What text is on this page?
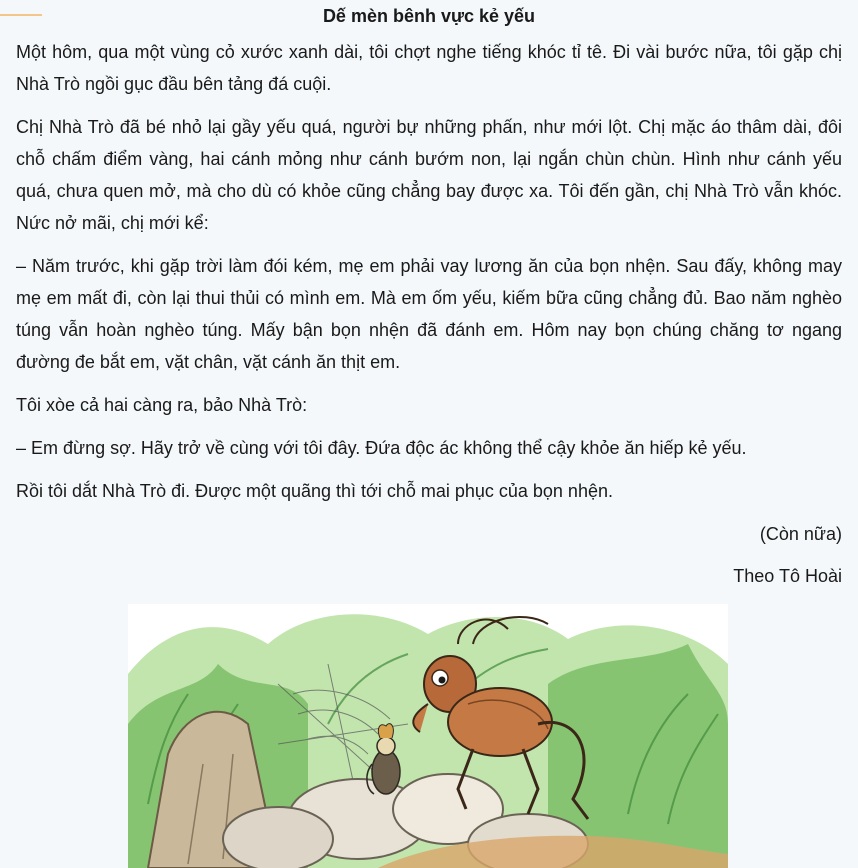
Dế mèn bênh vực kẻ yếu

Một hôm, qua một vùng cỏ xước xanh dài, tôi chợt nghe tiếng khóc tỉ tê. Đi vài bước nữa, tôi gặp chị Nhà Trò ngồi gục đầu bên tảng đá cuội.

Chị Nhà Trò đã bé nhỏ lại gầy yếu quá, người bự những phấn, như mới lột. Chị mặc áo thâm dài, đôi chỗ chấm điểm vàng, hai cánh mỏng như cánh bướm non, lại ngắn chùn chùn. Hình như cánh yếu quá, chưa quen mở, mà cho dù có khỏe cũng chẳng bay được xa. Tôi đến gần, chị Nhà Trò vẫn khóc. Nức nở mãi, chị mới kể:

– Năm trước, khi gặp trời làm đói kém, mẹ em phải vay lương ăn của bọn nhện. Sau đấy, không may mẹ em mất đi, còn lại thui thủi có mình em. Mà em ốm yếu, kiếm bữa cũng chẳng đủ. Bao năm nghèo túng vẫn hoàn nghèo túng. Mấy bận bọn nhện đã đánh em. Hôm nay bọn chúng chăng tơ ngang đường đe bắt em, vặt chân, vặt cánh ăn thịt em.

Tôi xòe cả hai càng ra, bảo Nhà Trò:

– Em đừng sợ. Hãy trở về cùng với tôi đây. Đứa độc ác không thể cậy khỏe ăn hiếp kẻ yếu.

Rồi tôi dắt Nhà Trò đi. Được một quãng thì tới chỗ mai phục của bọn nhện.

(Còn nữa)
Theo Tô Hoài
